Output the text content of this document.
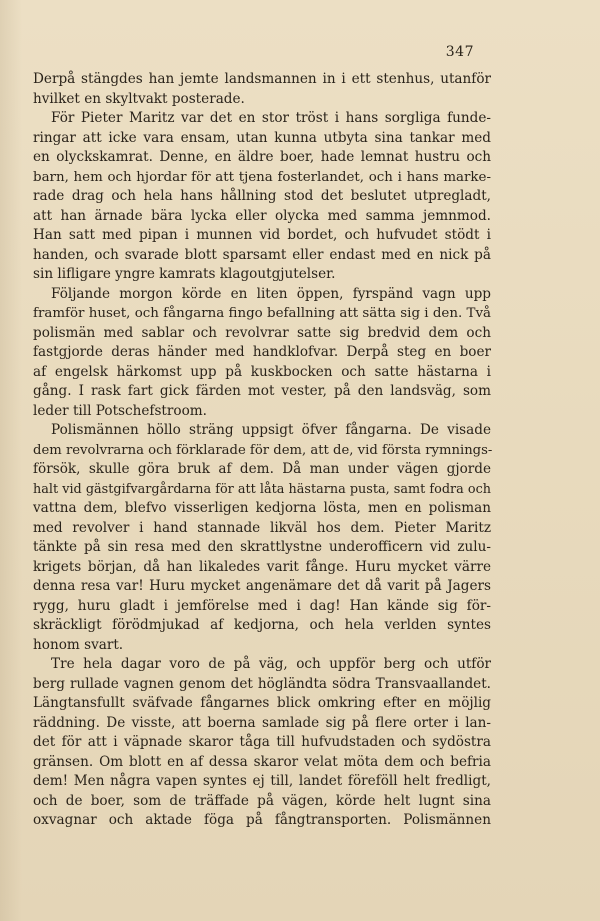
347
Derpå stängdes han jemte landsmannen in i ett stenhus, utanför
hvilket en skyltvakt posterade.
För Pieter Maritz var det en stor tröst i hans sorgliga funde-
ringar att icke vara ensam, utan kunna utbyta sina tankar med
en olyckskamrat. Denne, en äldre boer, hade lemnat hustru och
barn, hem och hjordar för att tjena fosterlandet, och i hans marke-
rade drag och hela hans hållning stod det beslutet utpregladt,
att han ärnade bära lycka eller olycka med samma jemnmod.
Han satt med pipan i munnen vid bordet, och hufvudet stödt i
handen, och svarade blott sparsamt eller endast med en nick på
sin lifligare yngre kamrats klagoutgjutelser.
Följande morgon körde en liten öppen, fyrspänd vagn upp
framför huset, och fångarna fingo befallning att sätta sig i den. Två
polismän med sablar och revolvrar satte sig bredvid dem och
fastgjorde deras händer med handklofvar. Derpå steg en boer
af engelsk härkomst upp på kuskbocken och satte hästarna i
gång. I rask fart gick färden mot vester, på den landsväg, som
leder till Potschefstroom.
Polismännen höllo sträng uppsigt öfver fångarna. De visade
dem revolvrarna och förklarade för dem, att de, vid första rymnings-
försök, skulle göra bruk af dem. Då man under vägen gjorde
halt vid gästgifvargårdarna för att låta hästarna pusta, samt fodra och
vattna dem, blefvo visserligen kedjorna lösta, men en polisman
med revolver i hand stannade likväl hos dem. Pieter Maritz
tänkte på sin resa med den skrattlystne underofficern vid zulu-
krigets början, då han likaledes varit fånge. Huru mycket värre
denna resa var! Huru mycket angenämare det då varit på Jagers
rygg, huru gladt i jemförelse med i dag! Han kände sig för-
skräckligt förödmjukad af kedjorna, och hela verlden syntes
honom svart.
Tre hela dagar voro de på väg, och uppför berg och utför
berg rullade vagnen genom det högländta södra Transvaallandet.
Längtansfullt sväfvade fångarnes blick omkring efter en möjlig
räddning. De visste, att boerna samlade sig på flere orter i lan-
det för att i väpnade skaror tåga till hufvudstaden och sydöstra
gränsen. Om blott en af dessa skaror velat möta dem och befria
dem! Men några vapen syntes ej till, landet föreföll helt fredligt,
och de boer, som de träffade på vägen, körde helt lugnt sina
oxvagnar och aktade föga på fångtransporten. Polismännen
